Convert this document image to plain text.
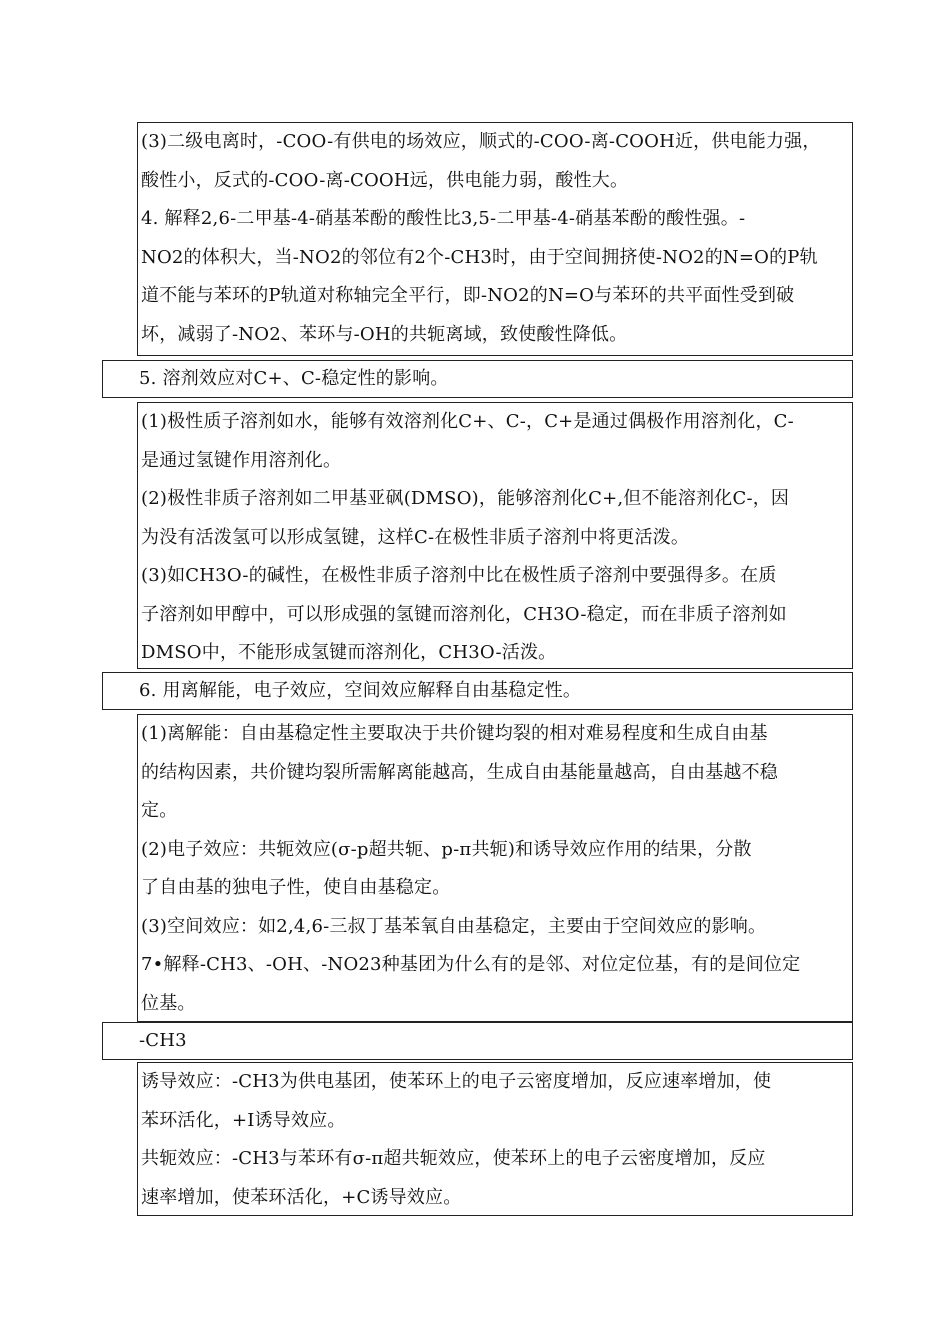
(3)二级电离时，-COO-有供电的场效应，顺式的-COO-离-COOH近，供电能力强，
酸性小，反式的-COO-离-COOH远，供电能力弱，酸性大。
4. 解释2,6-二甲基-4-硝基苯酚的酸性比3,5-二甲基-4-硝基苯酚的酸性强。-
NO2的体积大，当-NO2的邻位有2个-CH3时，由于空间拥挤使-NO2的N=O的P轨
道不能与苯环的P轨道对称轴完全平行，即-NO2的N=O与苯环的共平面性受到破
坏，减弱了-NO2、苯环与-OH的共轭离域，致使酸性降低。
5. 溶剂效应对C+、C-稳定性的影响。
(1)极性质子溶剂如水，能够有效溶剂化C+、C-，C+是通过偶极作用溶剂化，C-
是通过氢键作用溶剂化。
(2)极性非质子溶剂如二甲基亚砜(DMSO)，能够溶剂化C+,但不能溶剂化C-，因
为没有活泼氢可以形成氢键，这样C-在极性非质子溶剂中将更活泼。
(3)如CH3O-的碱性，在极性非质子溶剂中比在极性质子溶剂中要强得多。在质
子溶剂如甲醇中，可以形成强的氢键而溶剂化，CH3O-稳定，而在非质子溶剂如
DMSO中，不能形成氢键而溶剂化，CH3O-活泼。
6. 用离解能，电子效应，空间效应解释自由基稳定性。
(1)离解能：自由基稳定性主要取决于共价键均裂的相对难易程度和生成自由基
的结构因素，共价键均裂所需解离能越高，生成自由基能量越高，自由基越不稳
定。
(2)电子效应：共轭效应(σ-p超共轭、p-π共轭)和诱导效应作用的结果，分散
了自由基的独电子性，使自由基稳定。
(3)空间效应：如2,4,6-三叔丁基苯氧自由基稳定，主要由于空间效应的影响。
7•解释-CH3、-OH、-NO23种基团为什么有的是邻、对位定位基，有的是间位定
位基。
-CH3
诱导效应：-CH3为供电基团，使苯环上的电子云密度增加，反应速率增加，使
苯环活化，+I诱导效应。
共轭效应：-CH3与苯环有σ-π超共轭效应，使苯环上的电子云密度增加，反应
速率增加，使苯环活化，+C诱导效应。
